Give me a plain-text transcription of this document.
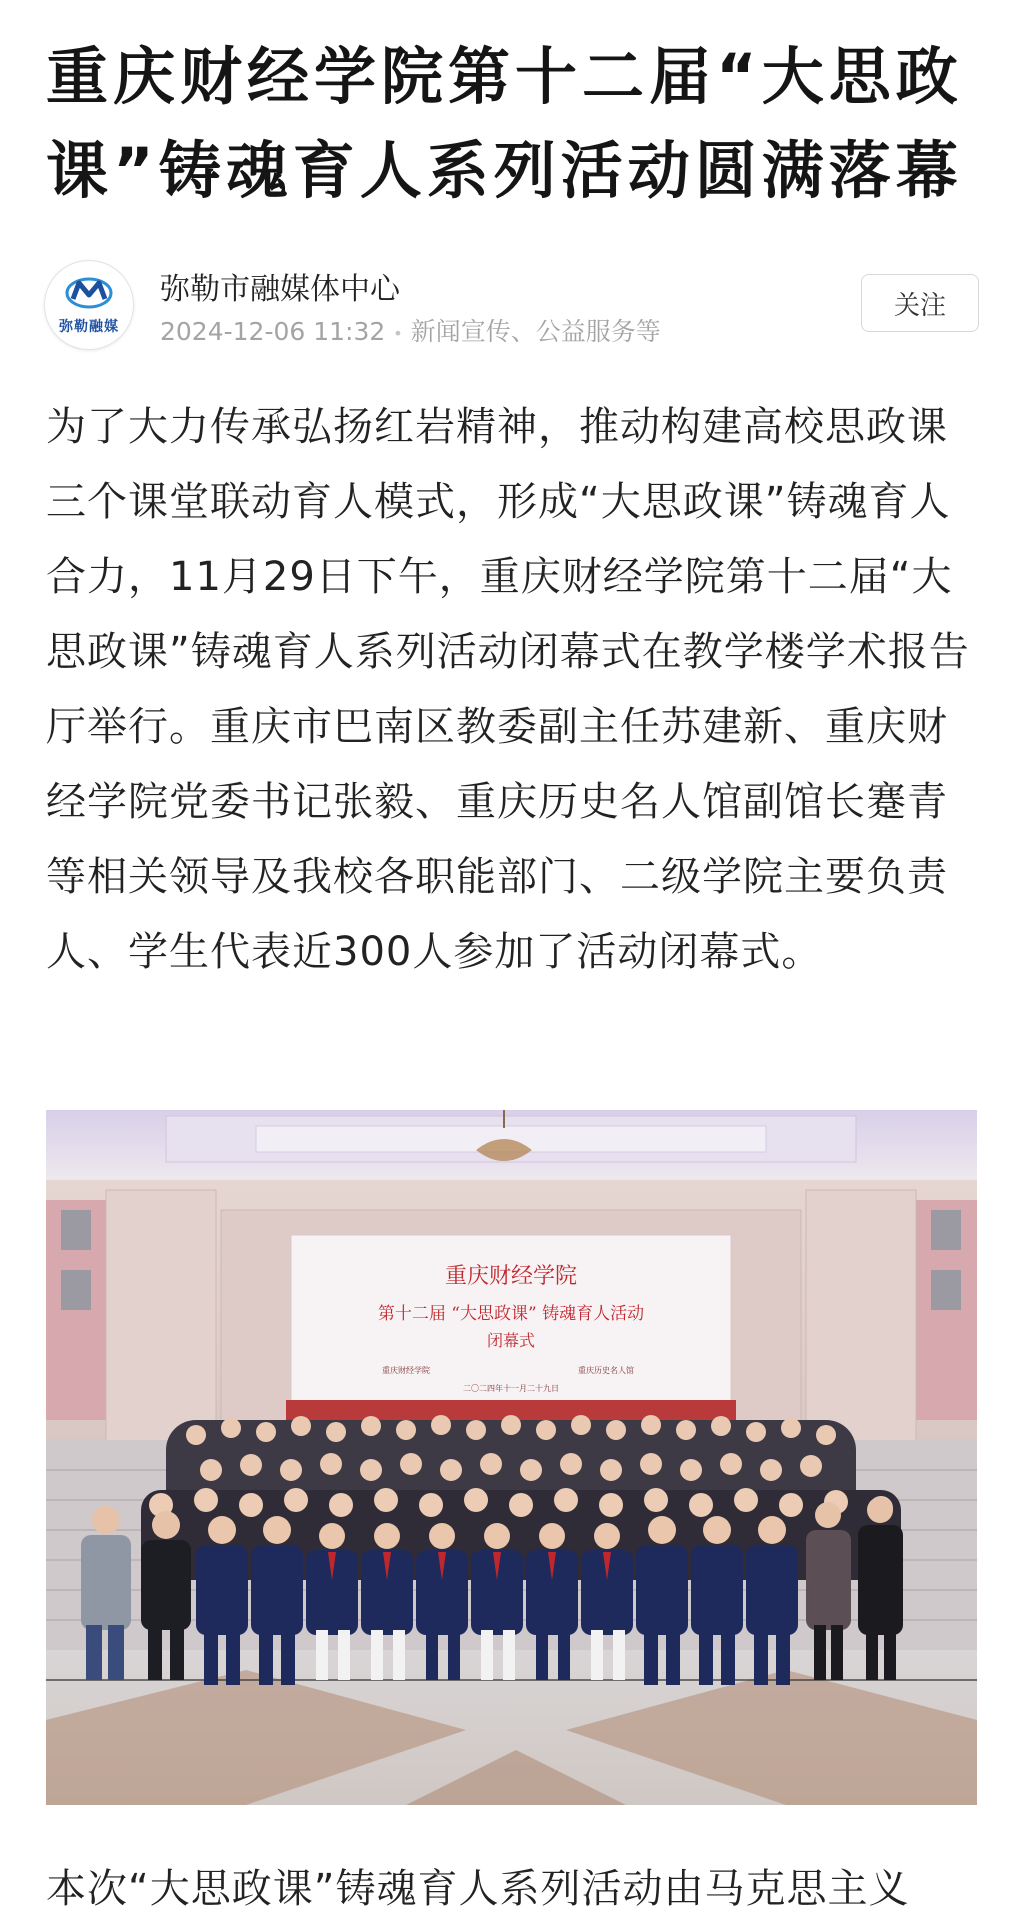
重庆财经学院第十二届“大思政课”铸魂育人系列活动圆满落幕
弥勒融媒
弥勒市融媒体中心
2024-12-06 11:32 • 新闻宣传、公益服务等
关注

为了大力传承弘扬红岩精神，推动构建高校思政课三个课堂联动育人模式，形成“大思政课”铸魂育人合力，11月29日下午，重庆财经学院第十二届“大思政课”铸魂育人系列活动闭幕式在教学楼学术报告厅举行。重庆市巴南区教委副主任苏建新、重庆财经学院党委书记张毅、重庆历史名人馆副馆长蹇青等相关领导及我校各职能部门、二级学院主要负责人、学生代表近300人参加了活动闭幕式。

重庆财经学院
第十二届 “大思政课” 铸魂育人活动
闭幕式
重庆财经学院	重庆历史名人馆
二〇二四年十一月二十九日

本次“大思政课”铸魂育人系列活动由马克思主义
